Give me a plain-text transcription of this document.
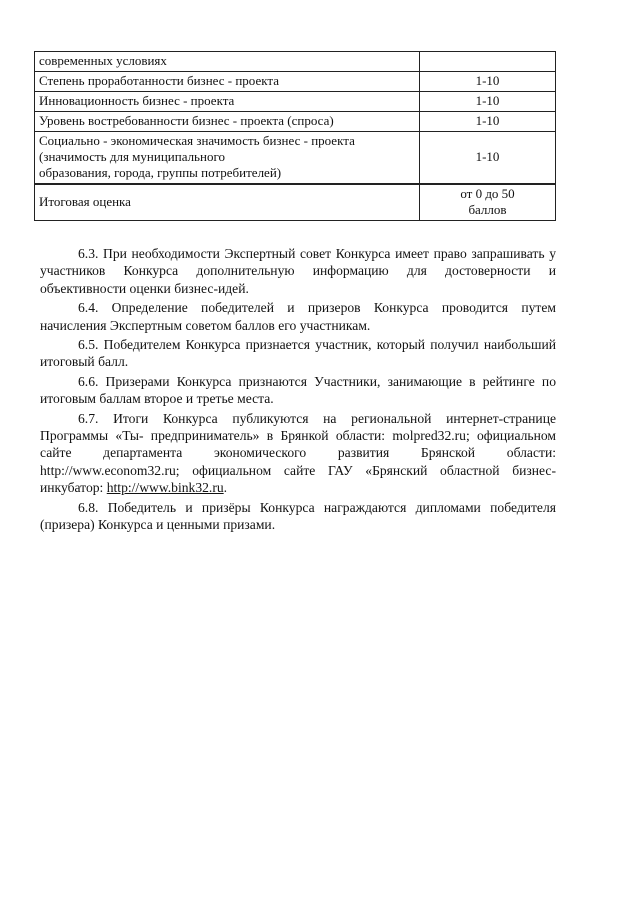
современных условиях	
Степень проработанности бизнес - проекта	1-10
Инновационность бизнес - проекта	1-10
Уровень востребованности бизнес - проекта (спроса)	1-10

Социально - экономическая значимость бизнес - проекта
(значимость для муниципального
образования, города, группы потребителей)	1-10
Итоговая оценка	от 0 до 50
баллов

6.3. При необходимости Экспертный совет Конкурса имеет право запрашивать у участников Конкурса дополнительную информацию для достоверности и объективности оценки бизнес-идей.

6.4. Определение победителей и призеров Конкурса проводится путем начисления Экспертным советом баллов его участникам.

6.5. Победителем Конкурса признается участник, который получил наибольший итоговый балл.

6.6. Призерами Конкурса признаются Участники, занимающие в рейтинге по итоговым баллам второе и третье места.

6.7. Итоги Конкурса публикуются на региональной интернет-странице Программы «Ты- предприниматель» в Брянкой области: molpred32.ru; официальном сайте департамента экономического развития Брянской области: http://www.econom32.ru; официальном сайте ГАУ «Брянский областной бизнес-инкубатор: http://www.bink32.ru.

6.8. Победитель и призёры Конкурса награждаются дипломами победителя (призера) Конкурса и ценными призами.
